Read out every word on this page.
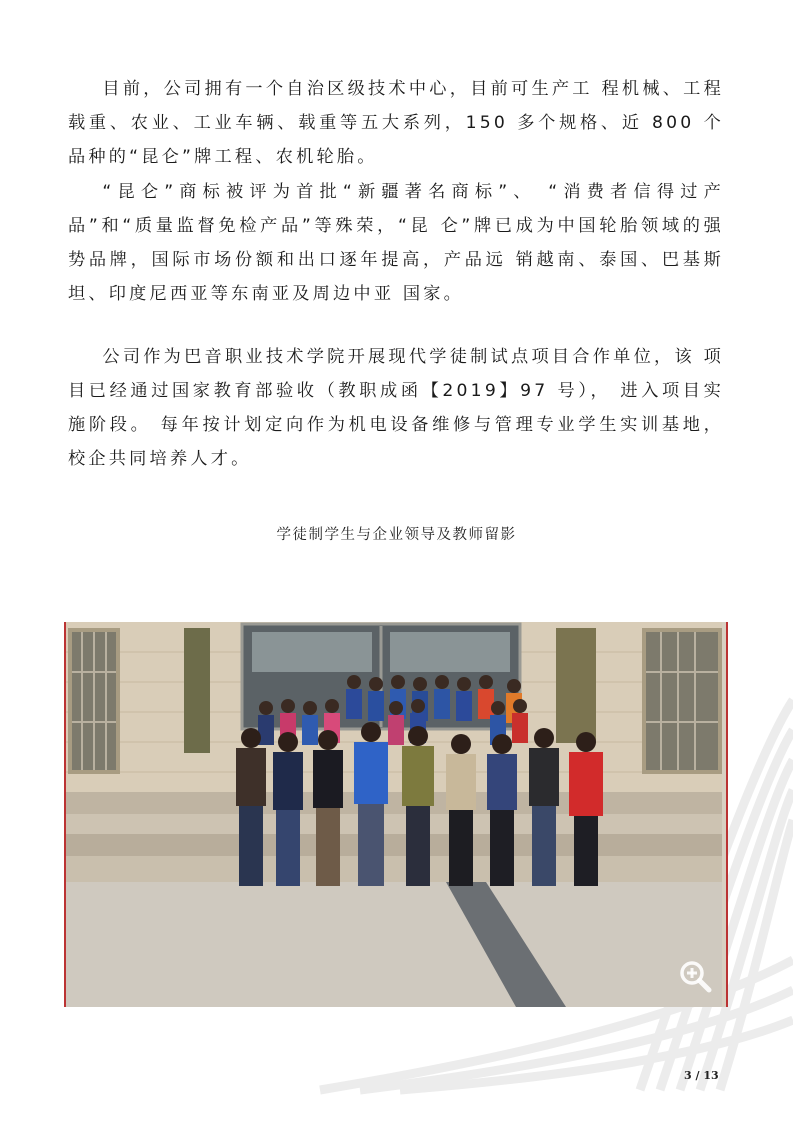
目前，公司拥有一个自治区级技术中心，目前可生产工 程机械、工程载重、农业、工业车辆、载重等五大系列，150 多个规格、近 800 个品种的“昆仑”牌工程、农机轮胎。

“昆仑”商标被评为首批“新疆著名商标”、 “消费者信得过产品”和“质量监督免检产品”等殊荣，“昆 仑”牌已成为中国轮胎领域的强势品牌，国际市场份额和出口逐年提高，产品远 销越南、泰国、巴基斯坦、印度尼西亚等东南亚及周边中亚 国家。

公司作为巴音职业技术学院开展现代学徒制试点项目合作单位，该 项目已经通过国家教育部验收（教职成函【2019】97 号）， 进入项目实施阶段。 每年按计划定向作为机电设备维修与管理专业学生实训基地，校企共同培养人才。

学徒制学生与企业领导及教师留影
3 / 13
